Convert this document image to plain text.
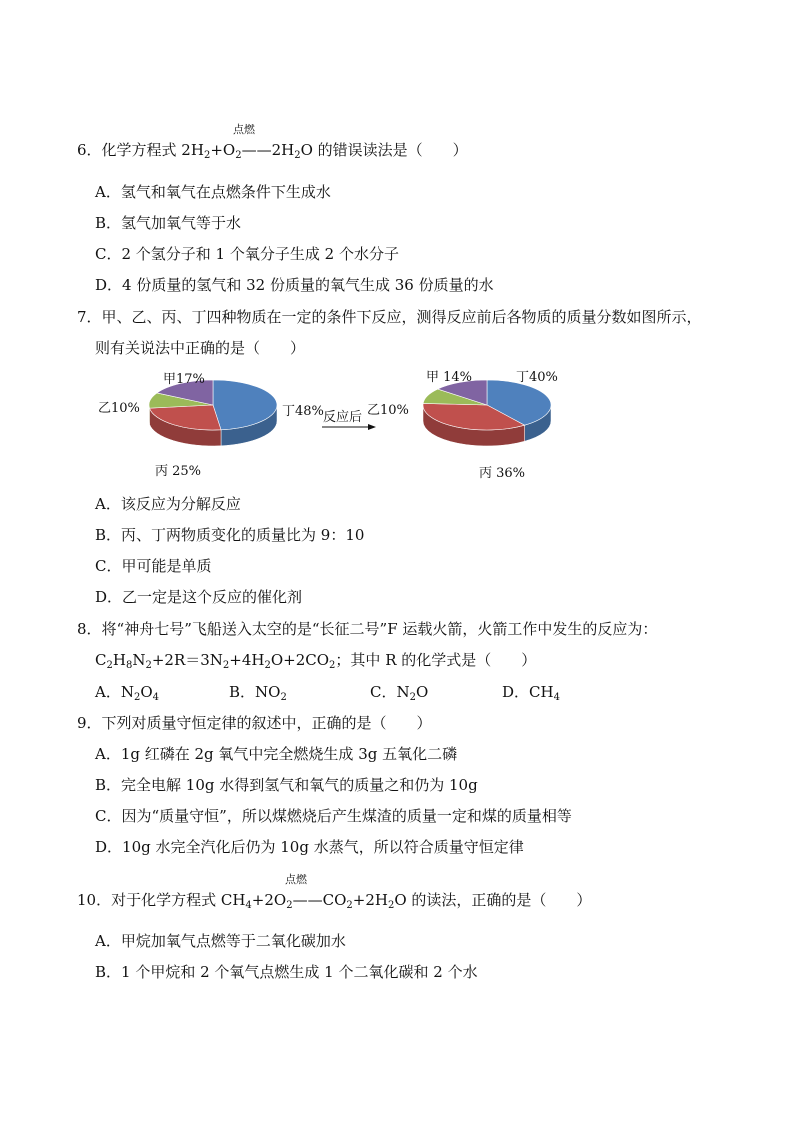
点燃
6．化学方程式 $2H_2+O_2——2H_2O$ 的错误读法是（　　）
A．氢气和氧气在点燃条件下生成水
B．氢气加氧气等于水
C．2 个氢分子和 1 个氧分子生成 2 个水分子
D．4 份质量的氢气和 32 份质量的氧气生成 36 份质量的水
7．甲、乙、丙、丁四种物质在一定的条件下反应，测得反应前后各物质的质量分数如图所示，
则有关说法中正确的是（　　）
甲17%
乙10%
丙 25%
丁48%
甲 14%
乙10%
丙 36%
丁40%
反应后
A．该反应为分解反应
B．丙、丁两物质变化的质量比为 9：10
C．甲可能是单质
D．乙一定是这个反应的催化剂
8．将“神舟七号”飞船送入太空的是“长征二号”F 运载火箭，火箭工作中发生的反应为：
$C_2H_8N_2+2R=3N_2+4H_2O+2CO_2$；其中 R 的化学式是（　　）
A．$N_2O_4$	B．$NO_2$	C．$N_2O$	D．$CH_4$
9．下列对质量守恒定律的叙述中，正确的是（　　）
A．1g 红磷在 2g 氧气中完全燃烧生成 3g 五氧化二磷
B．完全电解 10g 水得到氢气和氧气的质量之和仍为 10g
C．因为“质量守恒”，所以煤燃烧后产生煤渣的质量一定和煤的质量相等
D．10g 水完全汽化后仍为 10g 水蒸气，所以符合质量守恒定律
点燃
10．对于化学方程式 $CH_4+2O_2——CO_2+2H_2O$ 的读法，正确的是（　　）
A．甲烷加氧气点燃等于二氧化碳加水
B．1 个甲烷和 2 个氧气点燃生成 1 个二氧化碳和 2 个水
